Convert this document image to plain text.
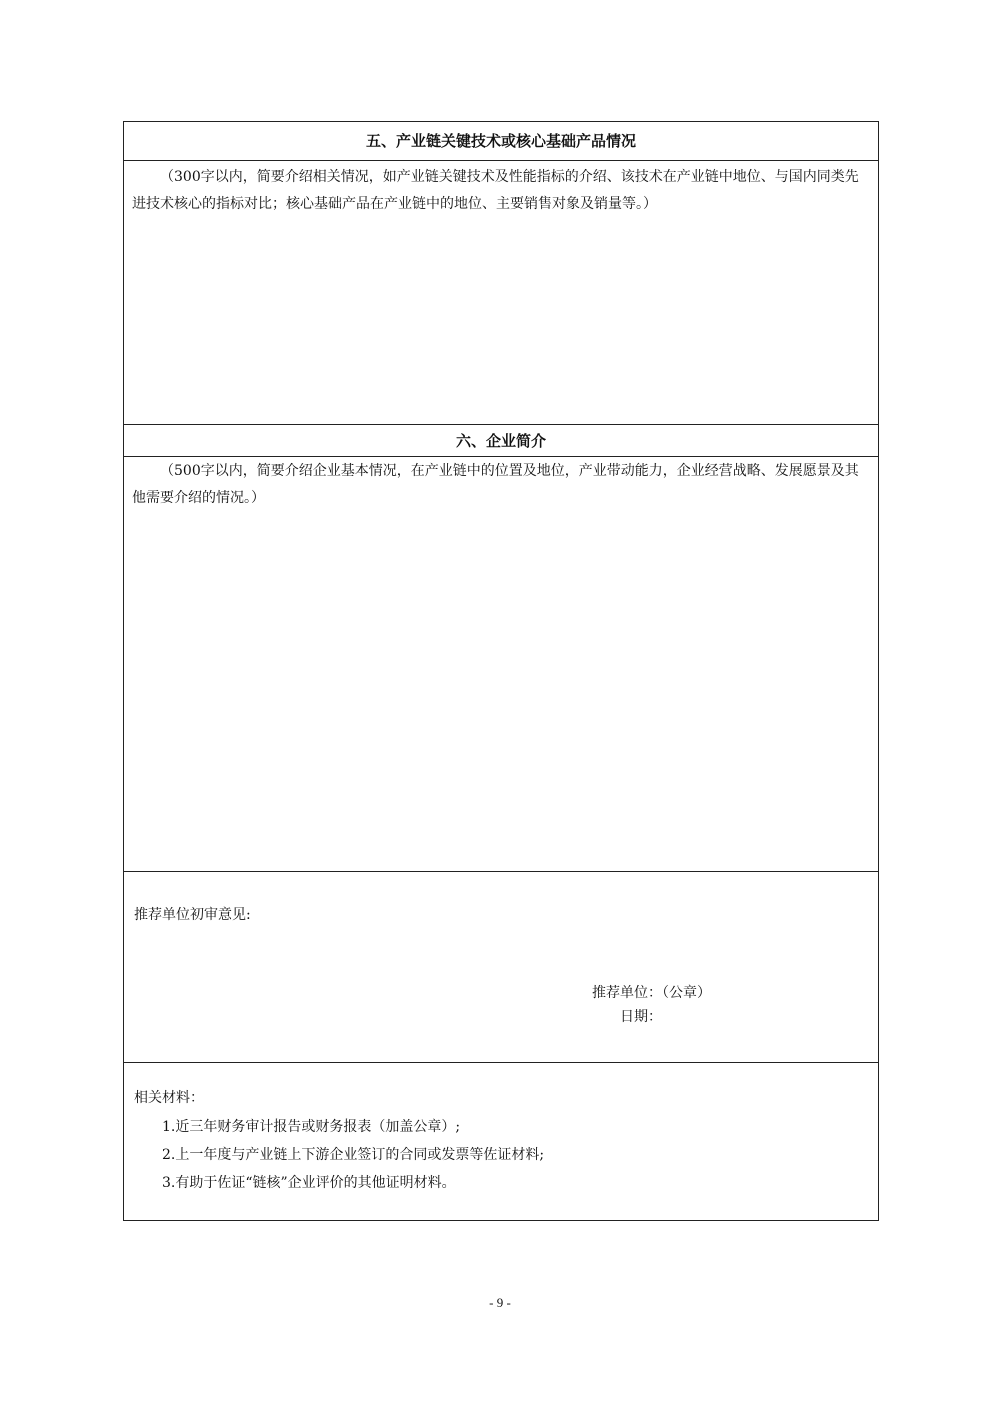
五、产业链关键技术或核心基础产品情况
（300字以内，简要介绍相关情况，如产业链关键技术及性能指标的介绍、该技术在产业链中地位、与国内同类先进技术核心的指标对比；核心基础产品在产业链中的地位、主要销售对象及销量等。）
六、企业简介
（500字以内，简要介绍企业基本情况，在产业链中的位置及地位，产业带动能力，企业经营战略、发展愿景及其他需要介绍的情况。）
推荐单位初审意见:
推荐单位：（公章）
日期：
相关材料：
1.近三年财务审计报告或财务报表（加盖公章）;
2.上一年度与产业链上下游企业签订的合同或发票等佐证材料;
3.有助于佐证“链核”企业评价的其他证明材料。
- 9 -
